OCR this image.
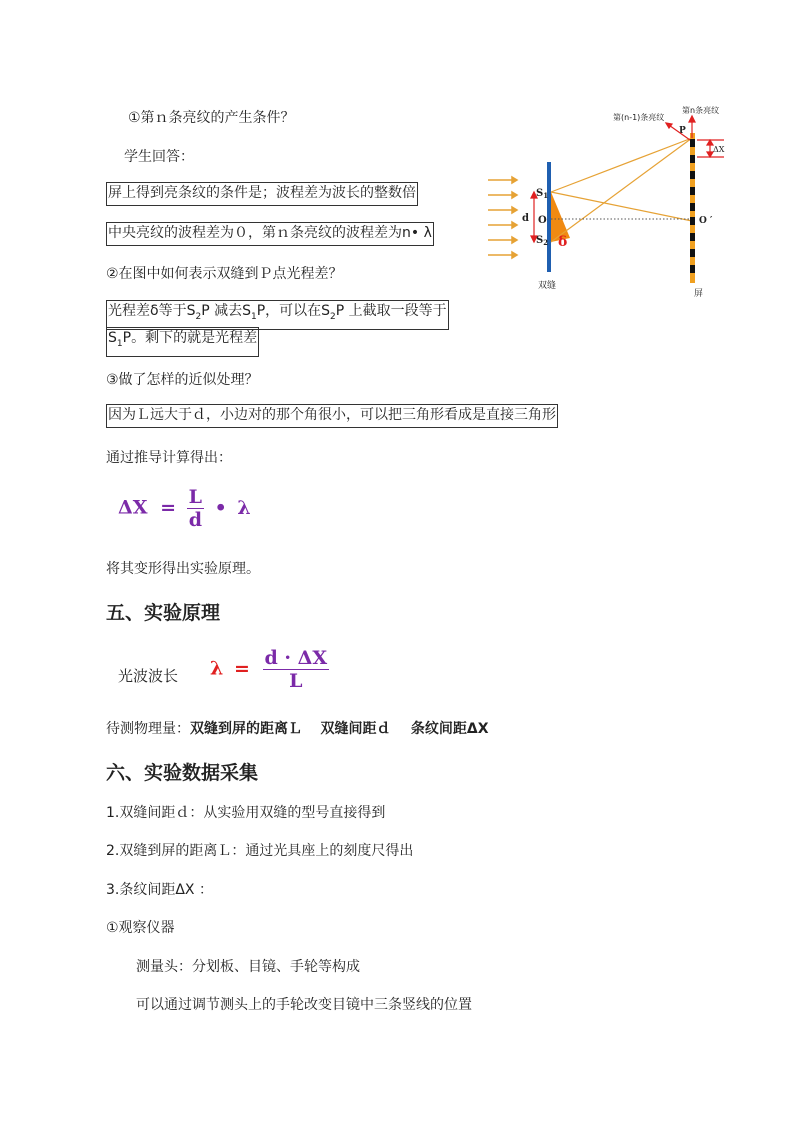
①第ｎ条亮纹的产生条件？
学生回答：
屏上得到亮条纹的条件是；波程差为波长的整数倍
中央亮纹的波程差为０，第ｎ条亮纹的波程差为n• λ
②在图中如何表示双缝到Ｐ点光程差？
光程差δ等于$S_2P$ 减去$S_1P$，可以在$S_2P$ 上截取一段等于
$S_1P$。剩下的就是光程差
③做了怎样的近似处理？
因为Ｌ远大于ｄ，小边对的那个角很小，可以把三角形看成是直接三角形
通过推导计算得出：
$\Delta X = \frac{L}{d}$ • λ
将其变形得出实验原理。
五、实验原理
光波波长 $\lambda = \frac{d \cdot \Delta X}{L}$
待测物理量：双缝到屏的距离Ｌ 双缝间距ｄ 条纹间距ΔX
六、实验数据采集
1.双缝间距ｄ：从实验用双缝的型号直接得到
2.双缝到屏的距离Ｌ：通过光具座上的刻度尺得出
3.条纹间距ΔX ：
①观察仪器
测量头：分划板、目镜、手轮等构成
可以通过调节测头上的手轮改变目镜中三条竖线的位置
d
$S_1$
O
$S_2$ δ
双缝
屏
O ′
P
第(n-1)条亮纹
第n条亮纹
ΔX
